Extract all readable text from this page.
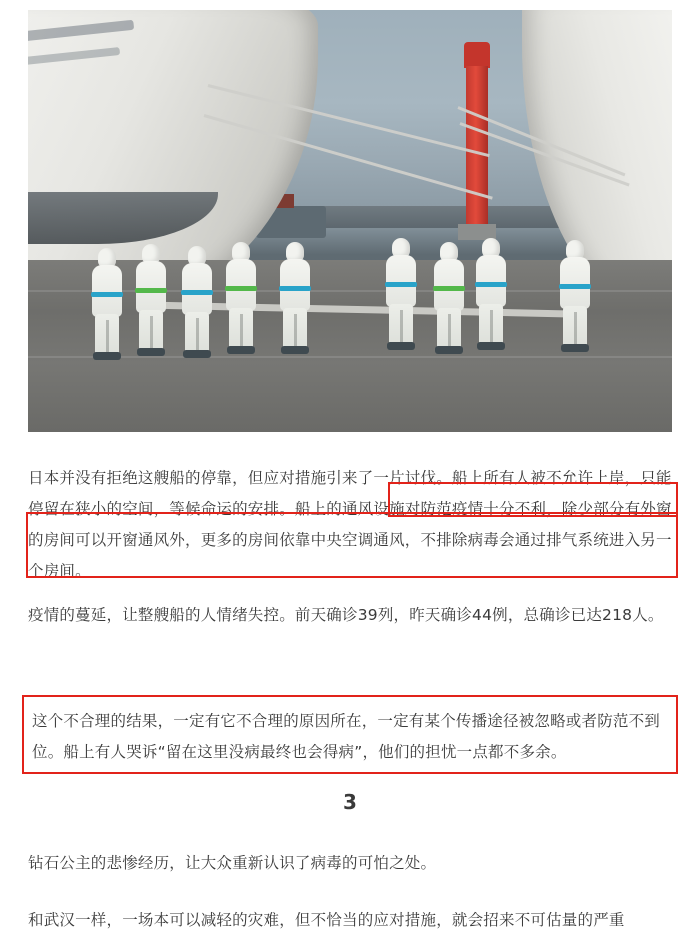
日本并没有拒绝这艘船的停靠，但应对措施引来了一片讨伐。船上所有人被不允许上岸，只能停留在狭小的空间，等候命运的安排。船上的通风设施对防范疫情十分不利，除少部分有外窗的房间可以开窗通风外，更多的房间依靠中央空调通风，不排除病毒会通过排气系统进入另一个房间。
疫情的蔓延，让整艘船的人情绪失控。前天确诊39列，昨天确诊44例，总确诊已达218人。
这个不合理的结果，一定有它不合理的原因所在，一定有某个传播途径被忽略或者防范不到位。船上有人哭诉“留在这里没病最终也会得病”，他们的担忧一点都不多余。
3
钻石公主的悲惨经历，让大众重新认识了病毒的可怕之处。
和武汉一样，一场本可以减轻的灾难，但不恰当的应对措施，就会招来不可估量的严重
